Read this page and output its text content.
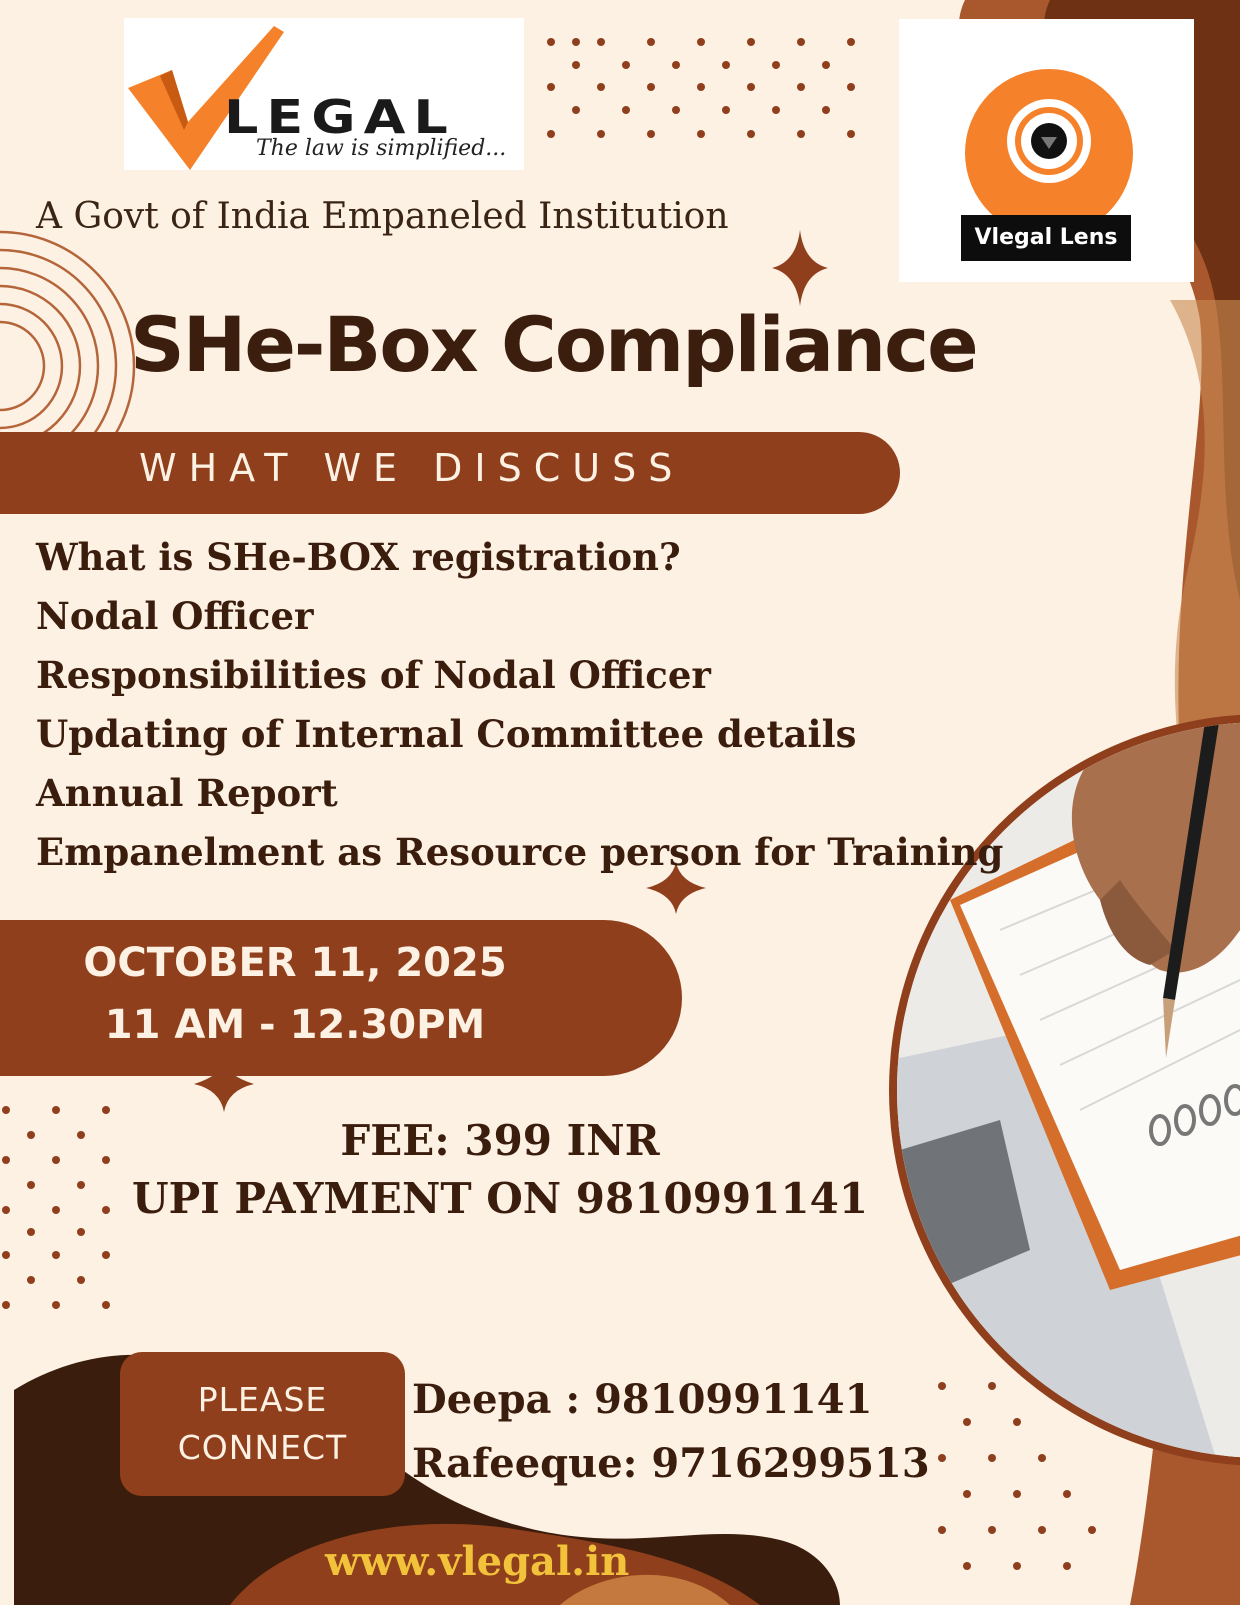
LEGAL
The law is simplified...
Vlegal Lens
A Govt of India Empaneled Institution
SHe-Box Compliance
WHAT WE DISCUSS
What is SHe-BOX registration?
Nodal Officer
Responsibilities of Nodal Officer
Updating of Internal Committee details
Annual Report
Empanelment as Resource person for Training
OCTOBER 11, 2025
11 AM - 12.30PM
FEE: 399 INR
UPI PAYMENT ON 9810991141
PLEASE
CONNECT
Deepa : 9810991141
Rafeeque: 9716299513
www.vlegal.in
